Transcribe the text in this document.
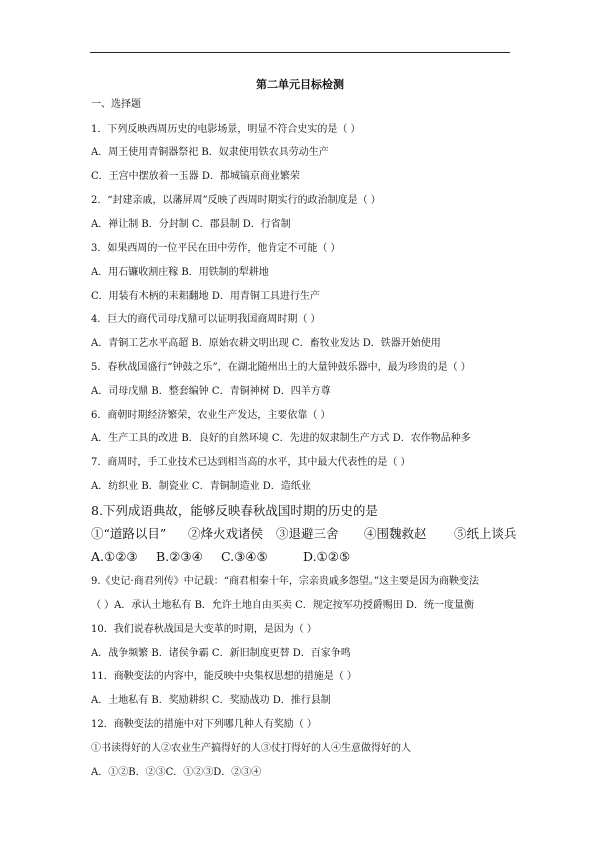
第二单元目标检测
一、选择题
1．下列反映西周历史的电影场景，明显不符合史实的是（ ）
A．周王使用青铜器祭祀 B．奴隶使用铁农具劳动生产
C．王宫中摆放着一玉器 D．都城镐京商业繁荣
2．“封建亲戚，以藩屏周”反映了西周时期实行的政治制度是（ ）
A．禅让制 B．分封制 C．郡县制 D．行省制
3．如果西周的一位平民在田中劳作，他肯定不可能（ ）
A．用石镰收割庄稼 B．用铁制的犁耕地
C．用装有木柄的耒耜翻地 D．用青铜工具进行生产
4．巨大的商代司母戊鼎可以证明我国商周时期（ ）
A．青铜工艺水平高超 B．原始农耕文明出现 C．畜牧业发达 D．铁器开始使用
5．春秋战国盛行“钟鼓之乐”，在湖北随州出土的大量钟鼓乐器中，最为珍贵的是（ ）
A．司母戊鼎 B．整套编钟 C．青铜神树 D．四羊方尊
6．商朝时期经济繁荣，农业生产发达，主要依靠（ ）
A．生产工具的改进 B．良好的自然环境 C．先进的奴隶制生产方式 D．农作物品种多
7．商周时，手工业技术已达到相当高的水平，其中最大代表性的是（ ）
A．纺织业 B．制瓷业 C．青铜制造业 D．造纸业
8.下列成语典故，能够反映春秋战国时期的历史的是
①“道路以目” ②烽火戏诸侯 ③退避三舍 ④围魏救赵 ⑤纸上谈兵
A.①②③ B.②③④ C.③④⑤	D.①②⑤
9.《史记·商君列传》中记载：“商君相秦十年，宗亲贵戚多怨望。”这主要是因为商鞅变法
（ ）A．承认土地私有 B．允许土地自由买卖 C．规定按军功授爵赐田 D．统一度量衡
10．我们说春秋战国是大变革的时期，是因为（ ）
A．战争频繁 B．诸侯争霸 C．新旧制度更替 D．百家争鸣
11．商鞅变法的内容中，能反映中央集权思想的措施是（ ）
A．土地私有 B．奖励耕织 C．奖励战功 D．推行县制
12．商鞅变法的措施中对下列哪几种人有奖励（ ）
①书读得好的人②农业生产搞得好的人③仗打得好的人④生意做得好的人
A．①②B．②③C．①②③D．②③④
